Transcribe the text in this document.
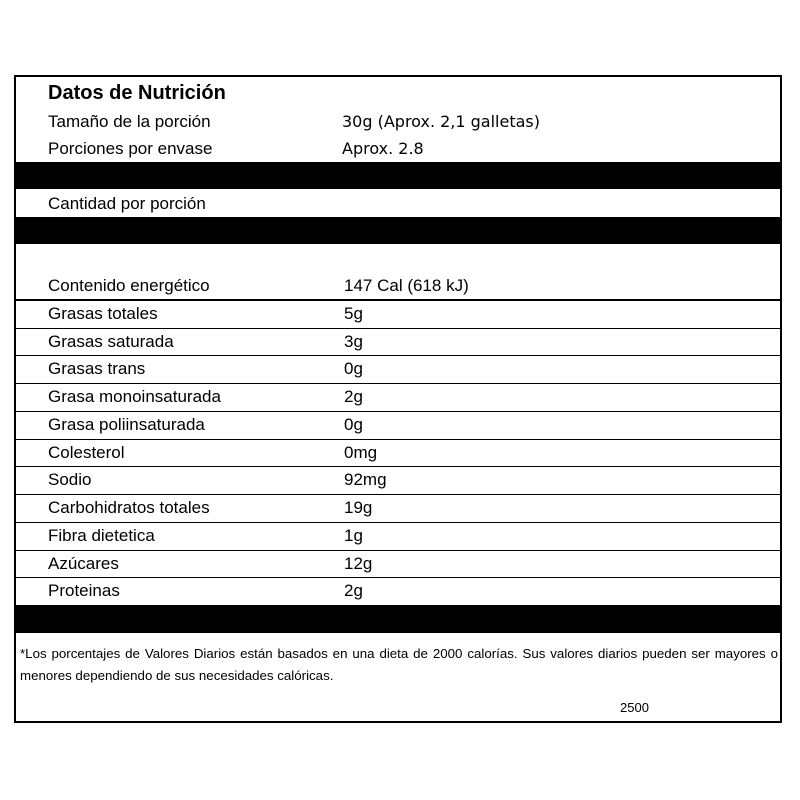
Datos de Nutrición
Tamaño de la porción	30g (Aprox. 2,1 galletas)
Porciones por envase	Aprox. 2.8
Cantidad por porción
Contenido energético	147 Cal (618 kJ)
Grasas totales	5g
Grasas saturada	3g
Grasas trans	0g
Grasa monoinsaturada	2g
Grasa poliinsaturada	0g
Colesterol	0mg
Sodio	92mg
Carbohidratos totales	19g
Fibra dietetica	1g
Azúcares	12g
Proteinas	2g
*Los porcentajes de Valores Diarios están basados en una dieta de 2000 calorías. Sus valores diarios pueden ser mayores o menores dependiendo de sus necesidades calóricas.
2500
